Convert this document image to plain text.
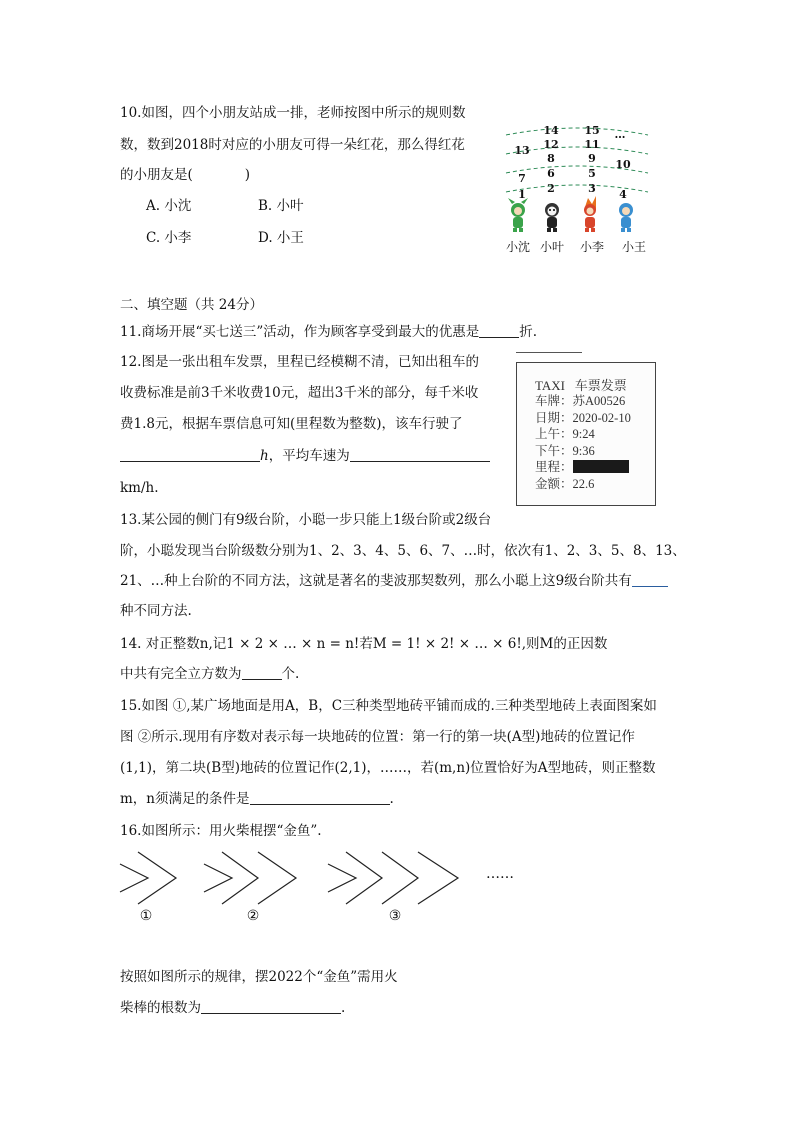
10.如图，四个小朋友站成一排，老师按图中所示的规则数
数，数到2018时对应的小朋友可得一朵红花，那么得红花
的小朋友是(	)
A. 小沈	B. 小叶
C. 小李	D. 小王
1 2	3 4
7 6	5
8	9 10
13 12 11
14 15 …
小沈 小叶 小李 小王
二、填空题（共 24分）
11.商场开展“买七送三”活动，作为顾客享受到最大的优惠是	折.
12.图是一张出租车发票，里程已经模糊不清，已知出租车的
收费标准是前3千米收费10元，超出3千米的部分，每千米收
费1.8元，根据车票信息可知(里程数为整数)，该车行驶了
h，平均车速为
km/h.
TAXI 车票发票
车牌：苏A00526
日期：2020-02-10
上午：9:24
下午：9:36
里程：
金额：22.6
13.某公园的侧门有9级台阶，小聪一步只能上1级台阶或2级台
阶，小聪发现当台阶级数分别为1、2、3、4、5、6、7、…时，依次有1、2、3、5、8、13、
21、…种上台阶的不同方法，这就是著名的斐波那契数列，那么小聪上这9级台阶共有
种不同方法.
14. 对正整数n,记1 × 2 × … × n = n!若M = 1! × 2! × … × 6!,则M的正因数
中共有完全立方数为	个.
15.如图 ①,某广场地面是用A，B，C三种类型地砖平铺而成的.三种类型地砖上表面图案如
图 ②所示.现用有序数对表示每一块地砖的位置：第一行的第一块(A型)地砖的位置记作
(1,1)，第二块(B型)地砖的位置记作(2,1)，……，若(m,n)位置恰好为A型地砖，则正整数
m，n须满足的条件是	.
16.如图所示：用火柴棍摆“金鱼”.
①	②	③
……
按照如图所示的规律，摆2022个“金鱼”需用火
柴棒的根数为	.
